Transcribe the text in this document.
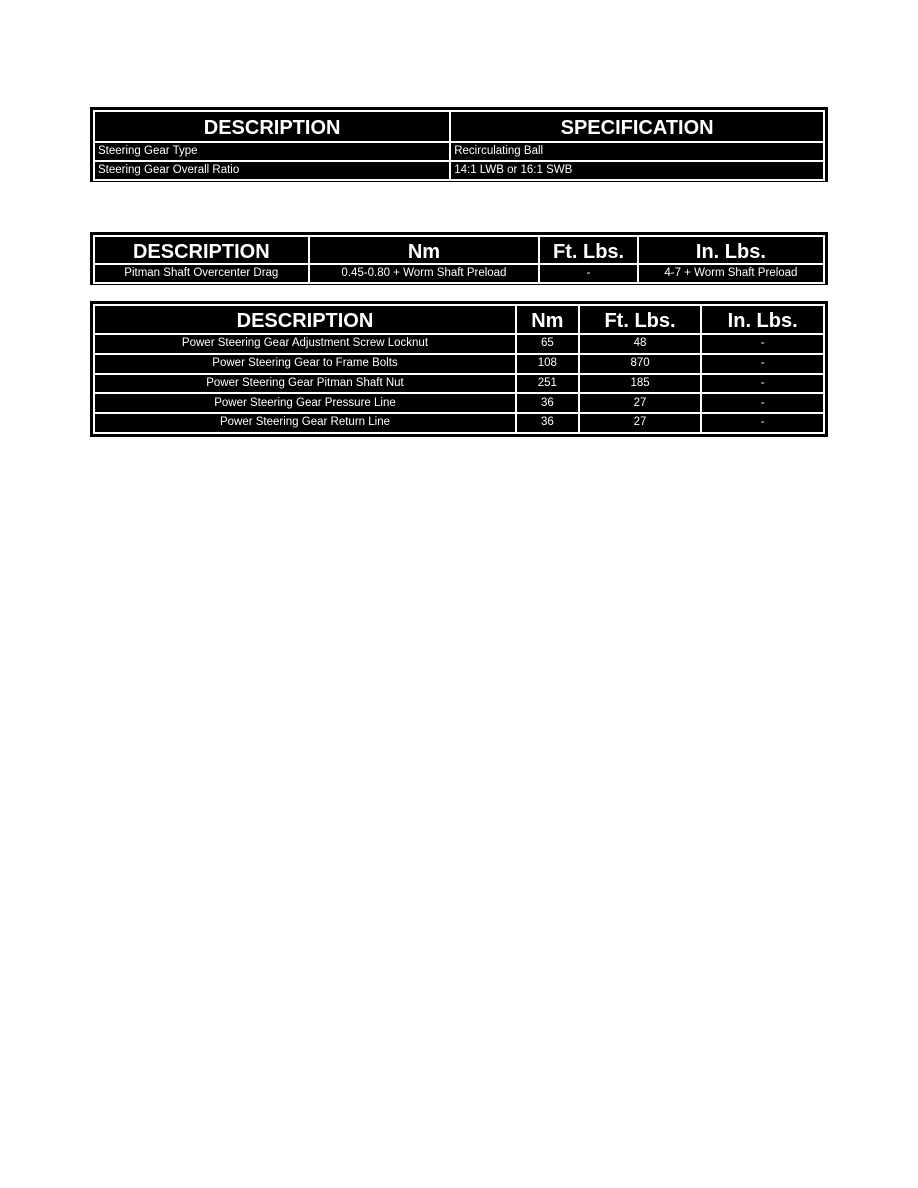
DESCRIPTION	SPECIFICATION
Steering Gear Type	Recirculating Ball
Steering Gear Overall Ratio	14:1 LWB or 16:1 SWB
DESCRIPTION	Nm	Ft. Lbs.	In. Lbs.
Pitman Shaft Overcenter Drag	0.45-0.80 + Worm Shaft Preload	-	4-7 + Worm Shaft Preload
DESCRIPTION	Nm	Ft. Lbs.	In. Lbs.
Power Steering Gear Adjustment Screw Locknut	65	48	-
Power Steering Gear to Frame Bolts	108	870	-
Power Steering Gear Pitman Shaft Nut	251	185	-
Power Steering Gear Pressure Line	36	27	-
Power Steering Gear Return Line	36	27	-
